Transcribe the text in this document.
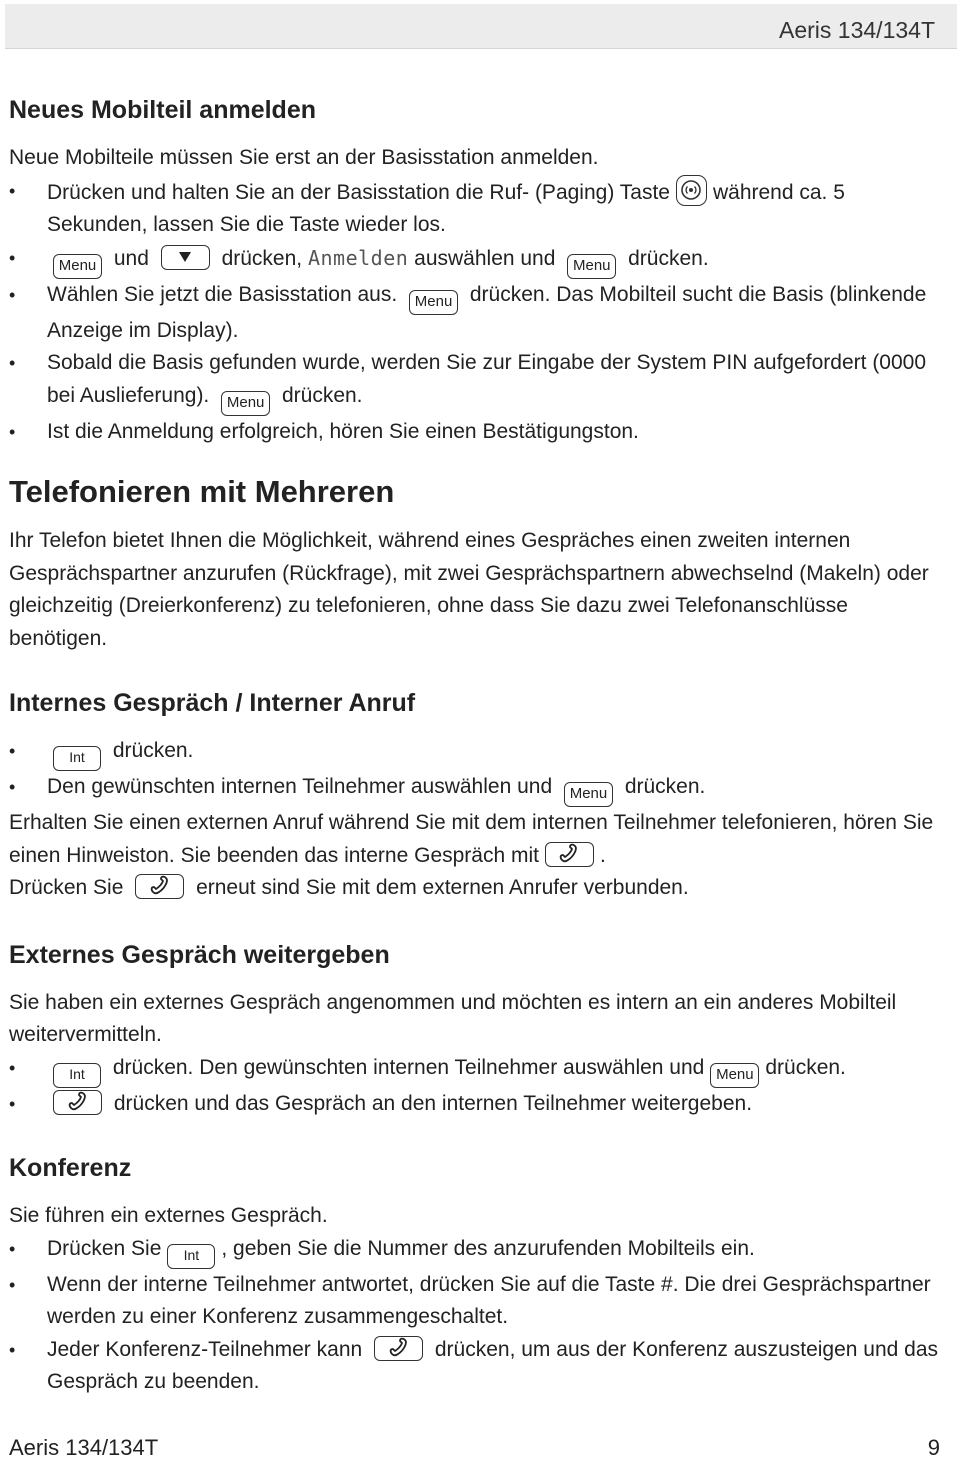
Aeris 134/134T
Neues Mobilteil anmelden

Neue Mobilteile müssen Sie erst an der Basisstation anmelden.

• Drücken und halten Sie an der Basisstation die Ruf- (Paging) Taste während ca. 5 Sekunden, lassen Sie die Taste wieder los.
• Menu und	drücken, Anmelden auswählen und Menu drücken.
• Wählen Sie jetzt die Basisstation aus. Menu drücken. Das Mobilteil sucht die Basis (blinkende Anzeige im Display).
• Sobald die Basis gefunden wurde, werden Sie zur Eingabe der System PIN aufgefordert (0000 bei Auslieferung). Menu drücken.
• Ist die Anmeldung erfolgreich, hören Sie einen Bestätigungston.
Telefonieren mit Mehreren

Ihr Telefon bietet Ihnen die Möglichkeit, während eines Gespräches einen zweiten internen Gesprächspartner anzurufen (Rückfrage), mit zwei Gesprächspartnern abwechselnd (Makeln) oder gleichzeitig (Dreierkonferenz) zu telefonieren, ohne dass Sie dazu zwei Telefonanschlüsse benötigen.

Internes Gespräch / Interner Anruf
• Int drücken.
• Den gewünschten internen Teilnehmer auswählen und Menu drücken.

Erhalten Sie einen externen Anruf während Sie mit dem internen Teilnehmer telefonieren, hören Sie einen Hinweiston. Sie beenden das interne Gespräch mit	.

Drücken Sie	erneut sind Sie mit dem externen Anrufer verbunden.

Externes Gespräch weitergeben

Sie haben ein externes Gespräch angenommen und möchten es intern an ein anderes Mobilteil weitervermitteln.

• Int drücken. Den gewünschten internen Teilnehmer auswählen und Menu drücken.
• drücken und das Gespräch an den internen Teilnehmer weitergeben.
Konferenz

Sie führen ein externes Gespräch.

• Drücken Sie Int , geben Sie die Nummer des anzurufenden Mobilteils ein.
• Wenn der interne Teilnehmer antwortet, drücken Sie auf die Taste #. Die drei Gesprächspartner werden zu einer Konferenz zusammengeschaltet.
• Jeder Konferenz-Teilnehmer kann	drücken, um aus der Konferenz auszusteigen und das Gespräch zu beenden.
Aeris 134/134T	9
